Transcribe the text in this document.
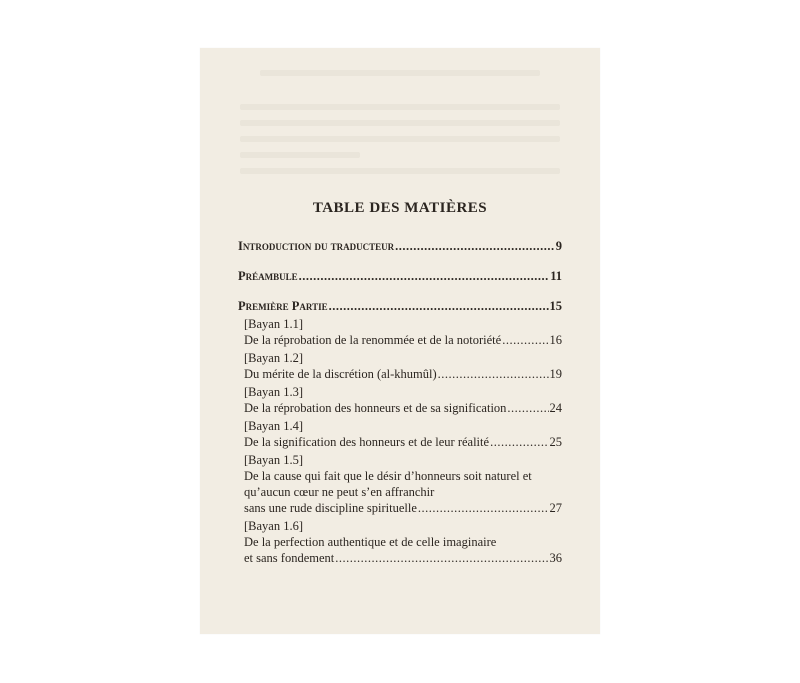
TABLE DES MATIÈRES
Introduction du traducteur .....	9
Préambule .....	11
Première Partie .....	15
[Bayan 1.1]
De la réprobation de la renommée et de la notoriété .....	16
[Bayan 1.2]
Du mérite de la discrétion (al-khumûl) .....	19
[Bayan 1.3]
De la réprobation des honneurs et de sa signification .....	24
[Bayan 1.4]
De la signification des honneurs et de leur réalité .....	25
[Bayan 1.5]
De la cause qui fait que le désir d’honneurs soit naturel et
qu’aucun cœur ne peut s’en affranchir
sans une rude discipline spirituelle .....	27
[Bayan 1.6]
De la perfection authentique et de celle imaginaire
et sans fondement .....	36
